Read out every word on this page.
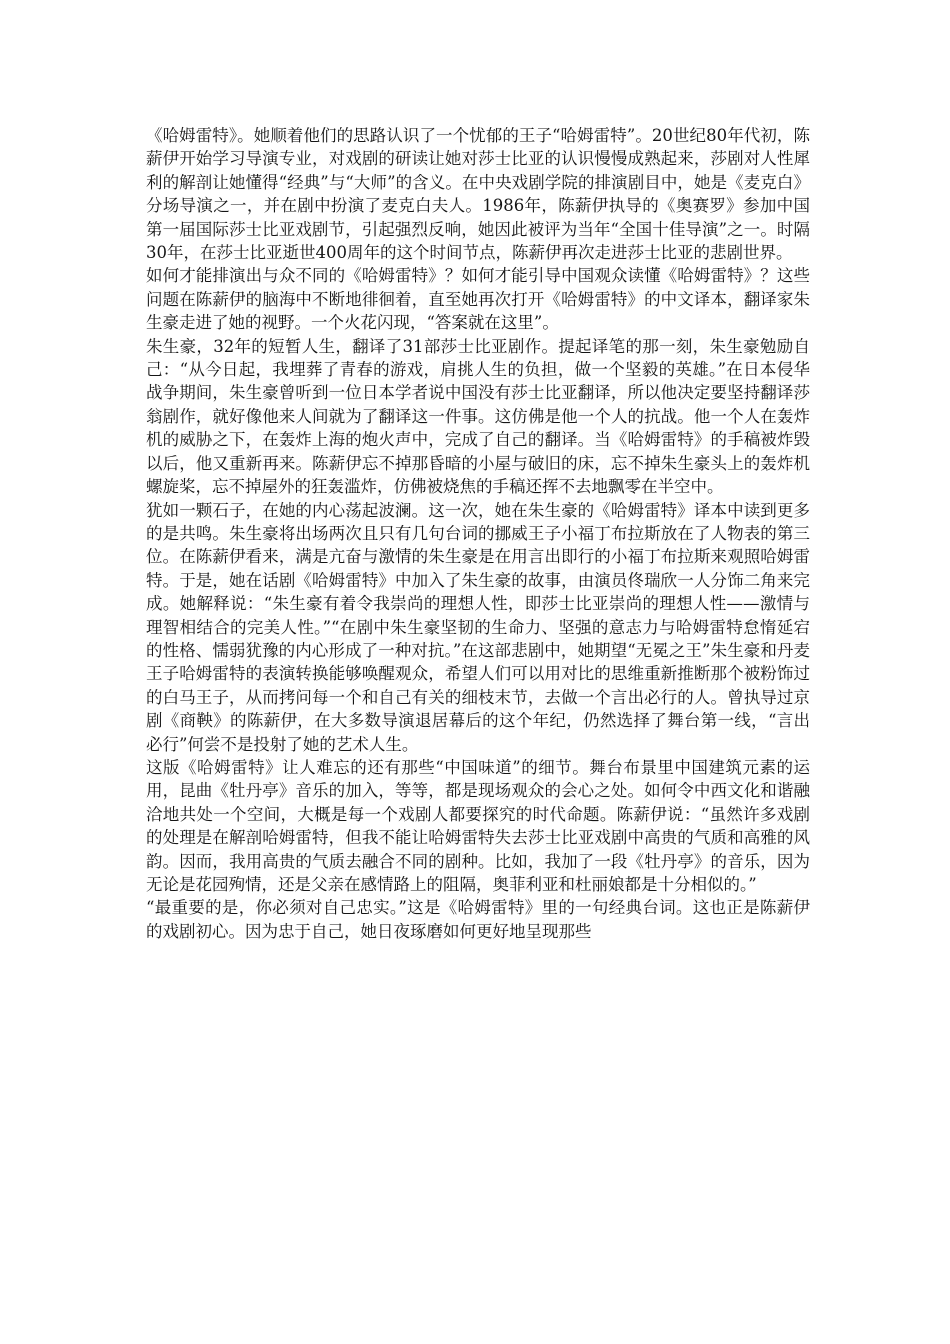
《哈姆雷特》。她顺着他们的思路认识了一个忧郁的王子“哈姆雷特”。20世纪80年代初，陈薪伊开始学习导演专业，对戏剧的研读让她对莎士比亚的认识慢慢成熟起来，莎剧对人性犀利的解剖让她懂得“经典”与“大师”的含义。在中央戏剧学院的排演剧目中，她是《麦克白》分场导演之一，并在剧中扮演了麦克白夫人。1986年，陈薪伊执导的《奥赛罗》参加中国第一届国际莎士比亚戏剧节，引起强烈反响，她因此被评为当年“全国十佳导演”之一。时隔30年，在莎士比亚逝世400周年的这个时间节点，陈薪伊再次走进莎士比亚的悲剧世界。

如何才能排演出与众不同的《哈姆雷特》？如何才能引导中国观众读懂《哈姆雷特》？这些问题在陈薪伊的脑海中不断地徘徊着，直至她再次打开《哈姆雷特》的中文译本，翻译家朱生豪走进了她的视野。一个火花闪现，“答案就在这里”。

朱生豪，32年的短暂人生，翻译了31部莎士比亚剧作。提起译笔的那一刻，朱生豪勉励自己：“从今日起，我埋葬了青春的游戏，肩挑人生的负担，做一个坚毅的英雄。”在日本侵华战争期间，朱生豪曾听到一位日本学者说中国没有莎士比亚翻译，所以他决定要坚持翻译莎翁剧作，就好像他来人间就为了翻译这一件事。这仿佛是他一个人的抗战。他一个人在轰炸机的威胁之下，在轰炸上海的炮火声中，完成了自己的翻译。当《哈姆雷特》的手稿被炸毁以后，他又重新再来。陈薪伊忘不掉那昏暗的小屋与破旧的床，忘不掉朱生豪头上的轰炸机螺旋桨，忘不掉屋外的狂轰滥炸，仿佛被烧焦的手稿还挥不去地飘零在半空中。

犹如一颗石子，在她的内心荡起波澜。这一次，她在朱生豪的《哈姆雷特》译本中读到更多的是共鸣。朱生豪将出场两次且只有几句台词的挪威王子小福丁布拉斯放在了人物表的第三位。在陈薪伊看来，满是亢奋与激情的朱生豪是在用言出即行的小福丁布拉斯来观照哈姆雷特。于是，她在话剧《哈姆雷特》中加入了朱生豪的故事，由演员佟瑞欣一人分饰二角来完成。她解释说：“朱生豪有着令我崇尚的理想人性，即莎士比亚崇尚的理想人性——激情与理智相结合的完美人性。”“在剧中朱生豪坚韧的生命力、坚强的意志力与哈姆雷特怠惰延宕的性格、懦弱犹豫的内心形成了一种对抗。”在这部悲剧中，她期望“无冕之王”朱生豪和丹麦王子哈姆雷特的表演转换能够唤醒观众，希望人们可以用对比的思维重新推断那个被粉饰过的白马王子，从而拷问每一个和自己有关的细枝末节，去做一个言出必行的人。曾执导过京剧《商鞅》的陈薪伊，在大多数导演退居幕后的这个年纪，仍然选择了舞台第一线，“言出必行”何尝不是投射了她的艺术人生。

这版《哈姆雷特》让人难忘的还有那些“中国味道”的细节。舞台布景里中国建筑元素的运用，昆曲《牡丹亭》音乐的加入，等等，都是现场观众的会心之处。如何令中西文化和谐融洽地共处一个空间，大概是每一个戏剧人都要探究的时代命题。陈薪伊说：“虽然许多戏剧的处理是在解剖哈姆雷特，但我不能让哈姆雷特失去莎士比亚戏剧中高贵的气质和高雅的风韵。因而，我用高贵的气质去融合不同的剧种。比如，我加了一段《牡丹亭》的音乐，因为无论是花园殉情，还是父亲在感情路上的阻隔，奥菲利亚和杜丽娘都是十分相似的。”

“最重要的是，你必须对自己忠实。”这是《哈姆雷特》里的一句经典台词。这也正是陈薪伊的戏剧初心。因为忠于自己，她日夜琢磨如何更好地呈现那些
